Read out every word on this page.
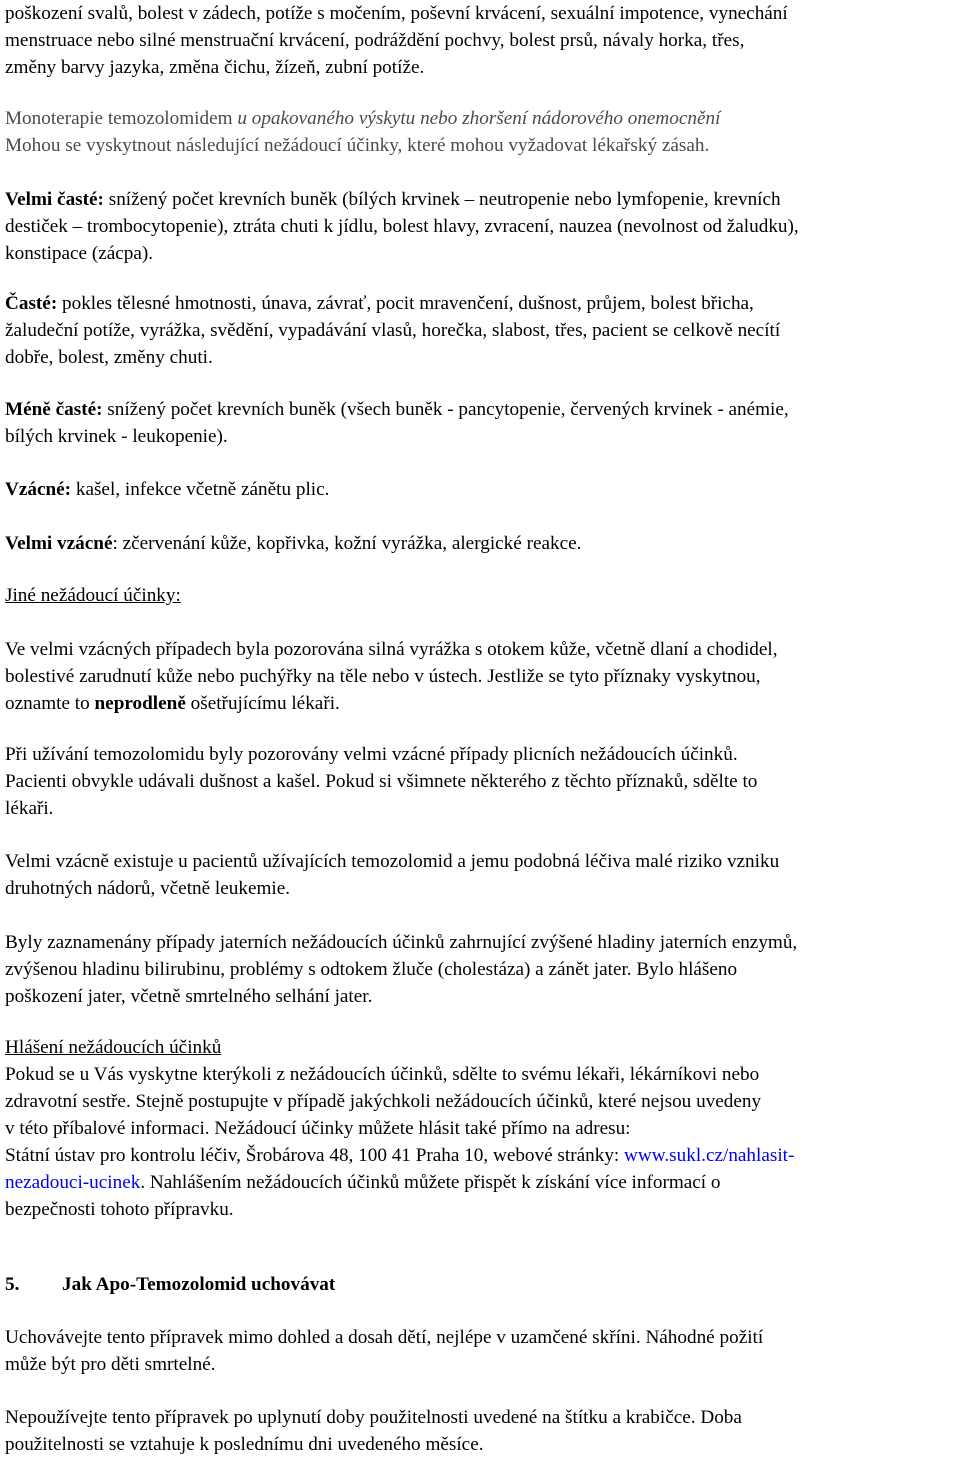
poškození svalů, bolest v zádech, potíže s močením, poševní krvácení, sexuální impotence, vynechání

menstruace nebo silné menstruační krvácení, podráždění pochvy, bolest prsů, návaly horka, třes,

změny barvy jazyka, změna čichu, žízeň, zubní potíže.

Monoterapie temozolomidem u opakovaného výskytu nebo zhoršení nádorového onemocnění

Mohou se vyskytnout následující nežádoucí účinky, které mohou vyžadovat lékařský zásah.

Velmi časté: snížený počet krevních buněk (bílých krvinek – neutropenie nebo lymfopenie, krevních

destiček – trombocytopenie), ztráta chuti k jídlu, bolest hlavy, zvracení, nauzea (nevolnost od žaludku),

konstipace (zácpa).

Časté: pokles tělesné hmotnosti, únava, závrať, pocit mravenčení, dušnost, průjem, bolest břicha,

žaludeční potíže, vyrážka, svědění, vypadávání vlasů, horečka, slabost, třes, pacient se celkově necítí

dobře, bolest, změny chuti.

Méně časté: snížený počet krevních buněk (všech buněk - pancytopenie, červených krvinek - anémie,

bílých krvinek - leukopenie).

Vzácné: kašel, infekce včetně zánětu plic.

Velmi vzácné: zčervenání kůže, kopřivka, kožní vyrážka, alergické reakce.

Jiné nežádoucí účinky:

Ve velmi vzácných případech byla pozorována silná vyrážka s otokem kůže, včetně dlaní a chodidel,

bolestivé zarudnutí kůže nebo puchýřky na těle nebo v ústech. Jestliže se tyto příznaky vyskytnou,

oznamte to neprodleně ošetřujícímu lékaři.

Při užívání temozolomidu byly pozorovány velmi vzácné případy plicních nežádoucích účinků.

Pacienti obvykle udávali dušnost a kašel. Pokud si všimnete některého z těchto příznaků, sdělte to

lékaři.

Velmi vzácně existuje u pacientů užívajících temozolomid a jemu podobná léčiva malé riziko vzniku

druhotných nádorů, včetně leukemie.

Byly zaznamenány případy jaterních nežádoucích účinků zahrnující zvýšené hladiny jaterních enzymů,

zvýšenou hladinu bilirubinu, problémy s odtokem žluče (cholestáza) a zánět jater. Bylo hlášeno

poškození jater, včetně smrtelného selhání jater.

Hlášení nežádoucích účinků

Pokud se u Vás vyskytne kterýkoli z nežádoucích účinků, sdělte to svému lékaři, lékárníkovi nebo

zdravotní sestře. Stejně postupujte v případě jakýchkoli nežádoucích účinků, které nejsou uvedeny

v této příbalové informaci. Nežádoucí účinky můžete hlásit také přímo na adresu:

Státní ústav pro kontrolu léčiv, Šrobárova 48, 100 41 Praha 10, webové stránky: www.sukl.cz/nahlasit-

nezadouci-ucinek. Nahlášením nežádoucích účinků můžete přispět k získání více informací o

bezpečnosti tohoto přípravku.

5. Jak Apo-Temozolomid uchovávat

Uchovávejte tento přípravek mimo dohled a dosah dětí, nejlépe v uzamčené skříni. Náhodné požití

může být pro děti smrtelné.

Nepoužívejte tento přípravek po uplynutí doby použitelnosti uvedené na štítku a krabičce. Doba

použitelnosti se vztahuje k poslednímu dni uvedeného měsíce.
